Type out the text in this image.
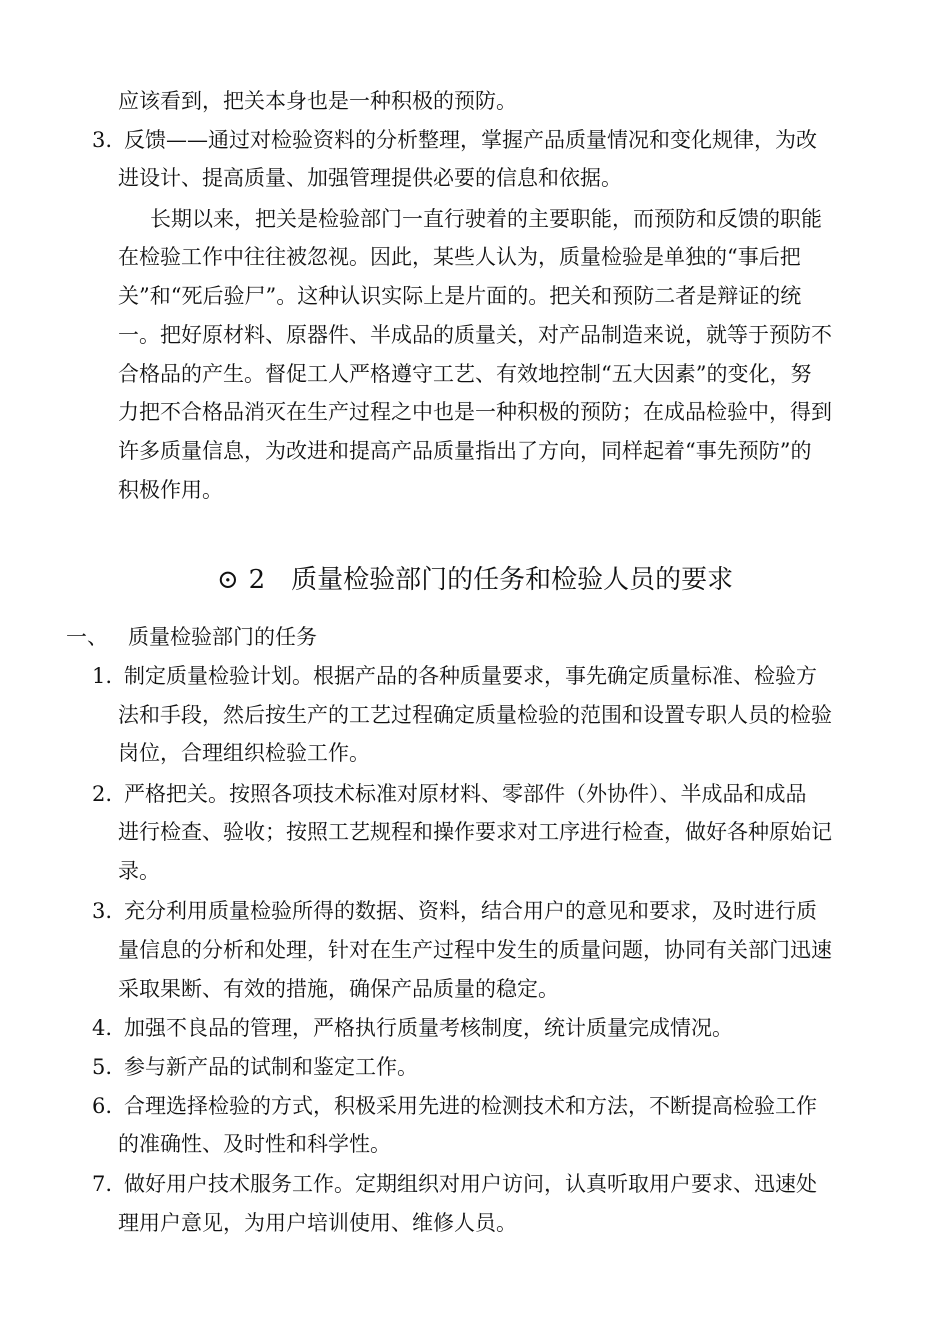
应该看到，把关本身也是一种积极的预防。

3. 反馈——通过对检验资料的分析整理，掌握产品质量情况和变化规律，为改

进设计、提高质量、加强管理提供必要的信息和依据。

长期以来，把关是检验部门一直行驶着的主要职能，而预防和反馈的职能

在检验工作中往往被忽视。因此，某些人认为，质量检验是单独的“事后把

关”和“死后验尸”。这种认识实际上是片面的。把关和预防二者是辩证的统

一。把好原材料、原器件、半成品的质量关，对产品制造来说，就等于预防不

合格品的产生。督促工人严格遵守工艺、有效地控制“五大因素”的变化，努

力把不合格品消灭在生产过程之中也是一种积极的预防；在成品检验中，得到

许多质量信息，为改进和提高产品质量指出了方向，同样起着“事先预防”的

积极作用。

⊙ 2 质量检验部门的任务和检验人员的要求
一、 质量检验部门的任务

1. 制定质量检验计划。根据产品的各种质量要求，事先确定质量标准、检验方

法和手段，然后按生产的工艺过程确定质量检验的范围和设置专职人员的检验

岗位，合理组织检验工作。

2. 严格把关。按照各项技术标准对原材料、零部件（外协件）、半成品和成品

进行检查、验收；按照工艺规程和操作要求对工序进行检查，做好各种原始记

录。

3. 充分利用质量检验所得的数据、资料，结合用户的意见和要求，及时进行质

量信息的分析和处理，针对在生产过程中发生的质量问题，协同有关部门迅速

采取果断、有效的措施，确保产品质量的稳定。

4. 加强不良品的管理，严格执行质量考核制度，统计质量完成情况。

5. 参与新产品的试制和鉴定工作。

6. 合理选择检验的方式，积极采用先进的检测技术和方法，不断提高检验工作

的准确性、及时性和科学性。

7. 做好用户技术服务工作。定期组织对用户访问，认真听取用户要求、迅速处

理用户意见，为用户培训使用、维修人员。
